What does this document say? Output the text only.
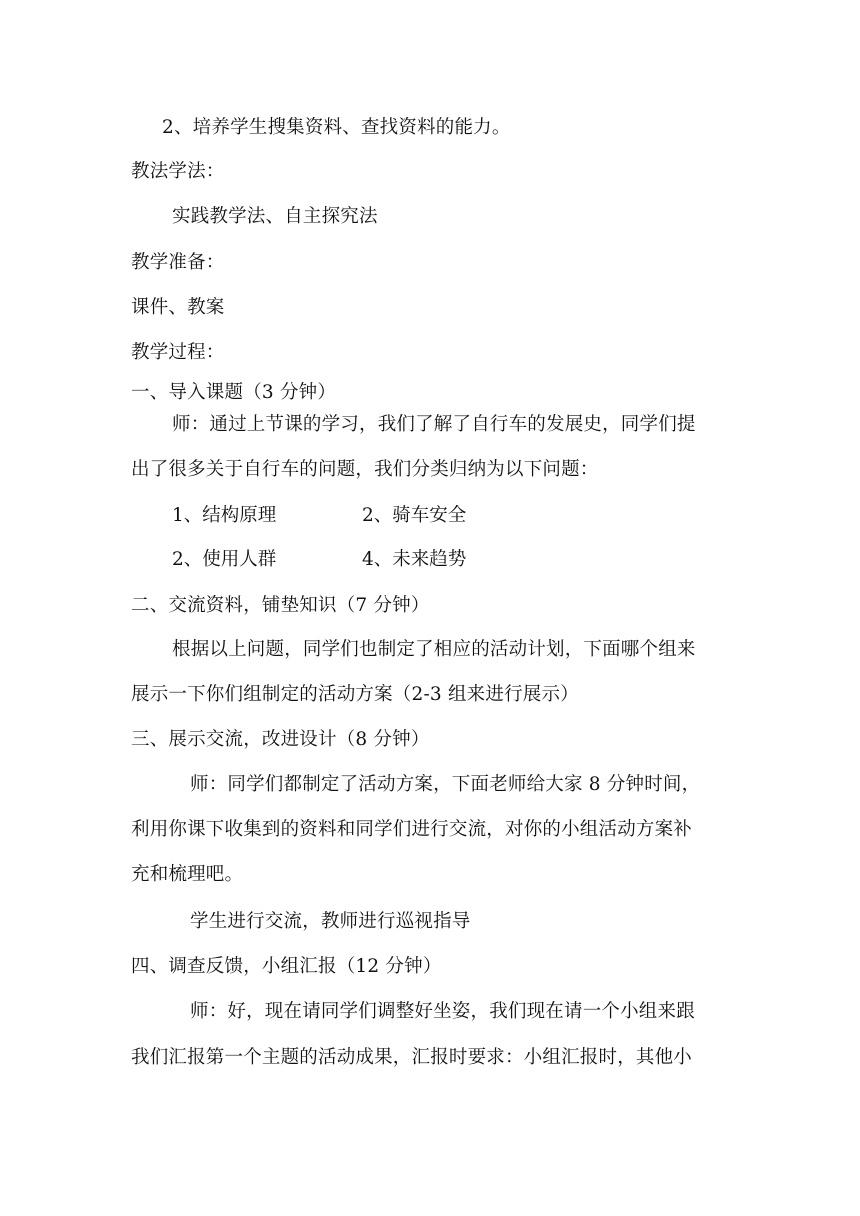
2、培养学生搜集资料、查找资料的能力。
教法学法：
实践教学法、自主探究法
教学准备：
课件、教案
教学过程：
一、导入课题（3 分钟）
师：通过上节课的学习，我们了解了自行车的发展史，同学们提
出了很多关于自行车的问题，我们分类归纳为以下问题：
1、结构原理	2、骑车安全
2、使用人群	4、未来趋势
二、交流资料，铺垫知识（7 分钟）
根据以上问题，同学们也制定了相应的活动计划，下面哪个组来
展示一下你们组制定的活动方案（2-3 组来进行展示）
三、展示交流，改进设计（8 分钟）
师：同学们都制定了活动方案，下面老师给大家 8 分钟时间，
利用你课下收集到的资料和同学们进行交流，对你的小组活动方案补
充和梳理吧。
学生进行交流，教师进行巡视指导
四、调查反馈，小组汇报（12 分钟）
师：好，现在请同学们调整好坐姿，我们现在请一个小组来跟
我们汇报第一个主题的活动成果，汇报时要求：小组汇报时，其他小
